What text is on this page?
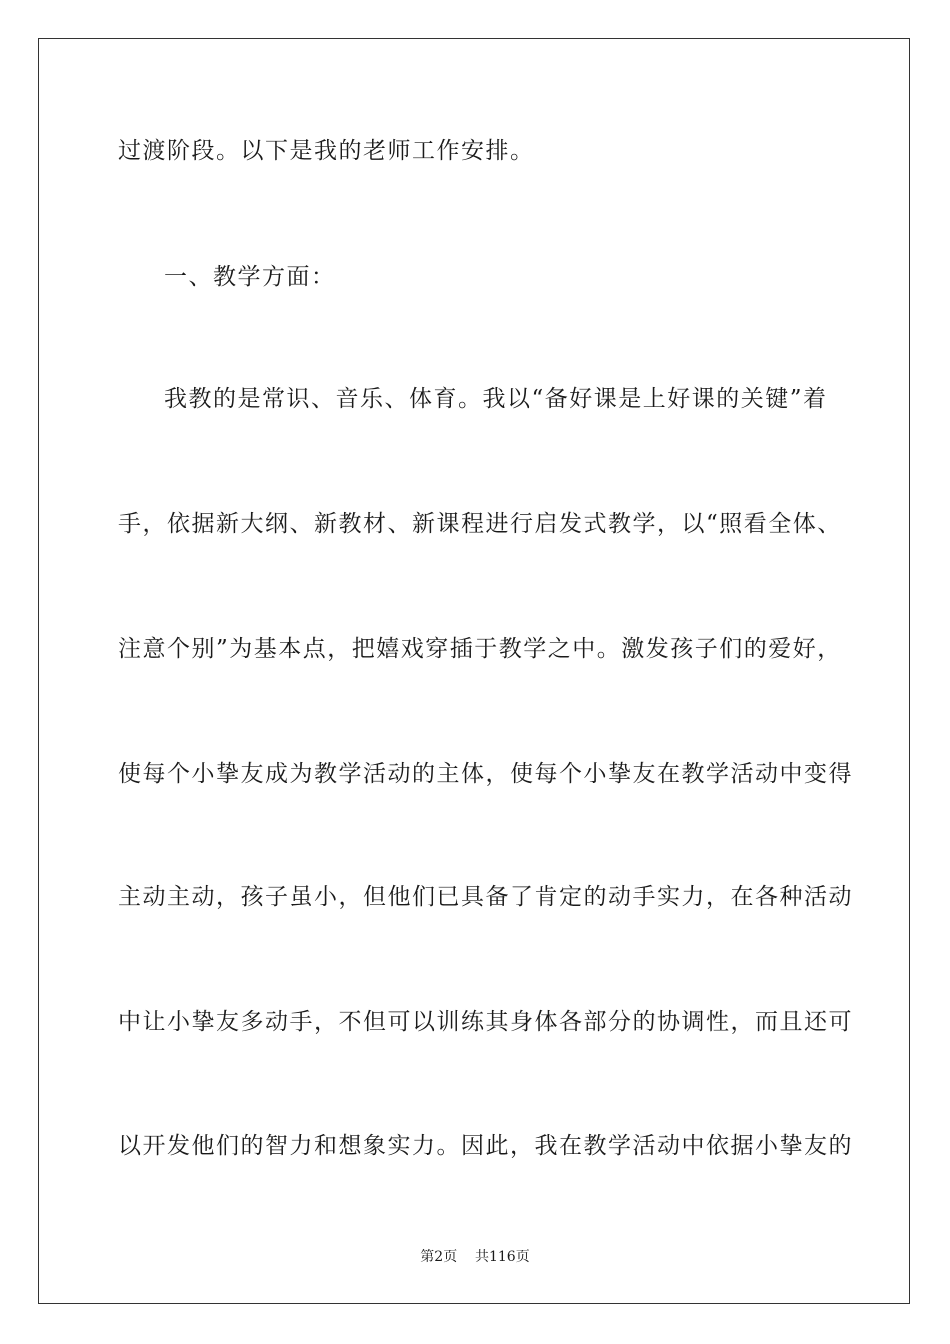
过渡阶段。以下是我的老师工作安排。
一、教学方面：
我教的是常识、音乐、体育。我以“备好课是上好课的关键”着
手，依据新大纲、新教材、新课程进行启发式教学，以“照看全体、
注意个别”为基本点，把嬉戏穿插于教学之中。激发孩子们的爱好，
使每个小挚友成为教学活动的主体，使每个小挚友在教学活动中变得
主动主动，孩子虽小，但他们已具备了肯定的动手实力，在各种活动
中让小挚友多动手，不但可以训练其身体各部分的协调性，而且还可
以开发他们的智力和想象实力。因此，我在教学活动中依据小挚友的
第2页    共116页
